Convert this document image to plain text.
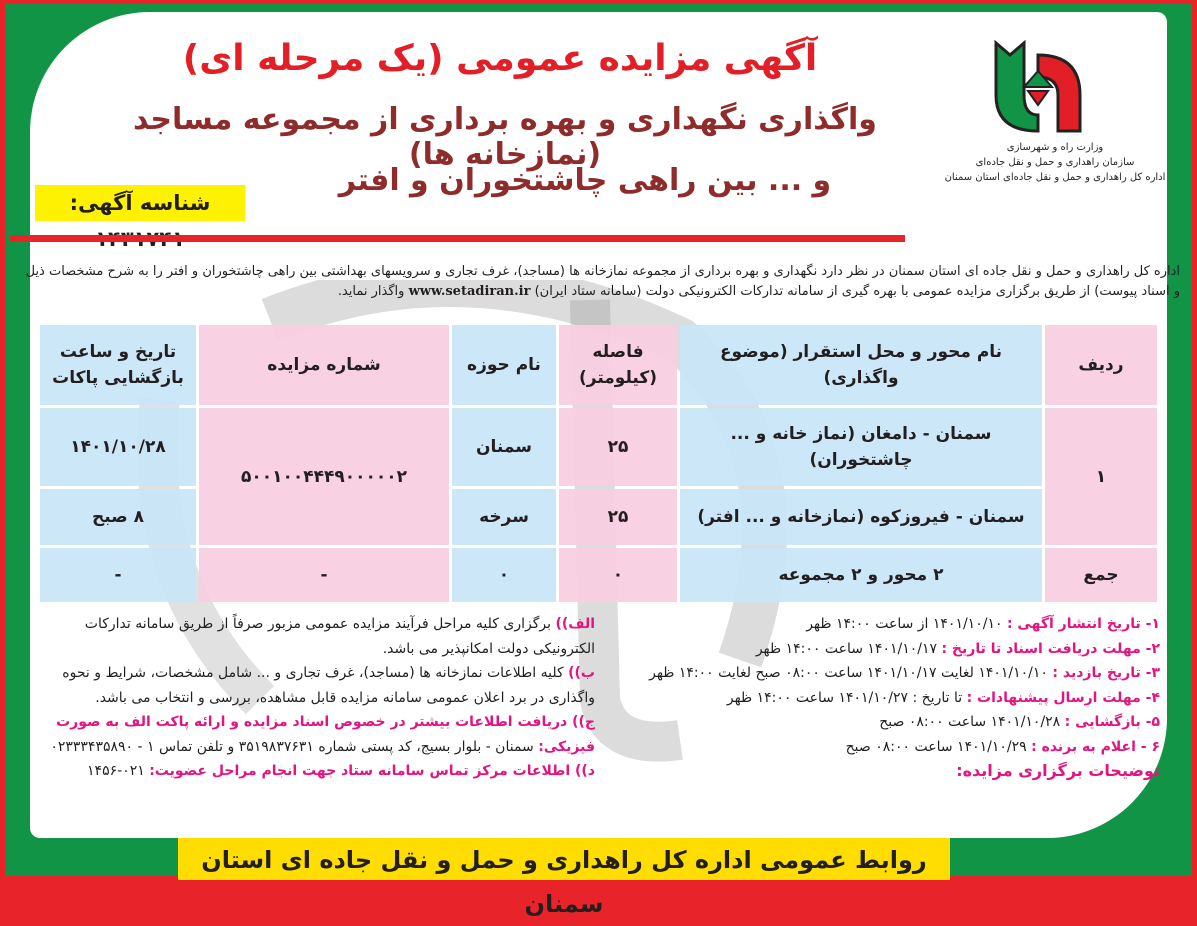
آگهی مزایده عمومی (یک مرحله ای)
واگذاری نگهداری و بهره برداری از مجموعه مساجد (نمازخانه ها)
و ... بین راهی چاشتخوران و افتر
شناسه آگهی:
وزارت راه و شهرسازی
سازمان راهداری و حمل و نقل جاده‌ای
اداره کل راهداری و حمل و نقل جاده‌ای استان سمنان
اداره کل راهداری و حمل و نقل جاده ای استان سمنان در نظر دارد نگهداری و بهره برداری از مجموعه نمازخانه ها (مساجد)، غرف تجاری و سرویسهای بهداشتی بین راهی چاشتخوران و افتر را به شرح مشخصات ذیل و اسناد پیوست) از طریق برگزاری مزایده عمومی با بهره گیری از سامانه تدارکات الکترونیکی دولت (سامانه ستاد ایران) www.setadiran.ir واگذار نماید.
ردیف	نام محور و محل استقرار (موضوع واگذاری)	فاصله (کیلومتر)	نام حوزه	شماره مزایده	تاریخ و ساعت بازگشایی پاکات
۱	سمنان - دامغان (نماز خانه و ... چاشتخوران)	۲۵	سمنان	۵۰۰۱۰۰۴۴۴۹۰۰۰۰۰۲	۱۴۰۱/۱۰/۲۸
	سمنان - فیروزکوه (نمازخانه و ... افتر)	۲۵	سرخه		۸ صبح
جمع	۲ محور و ۲ مجموعه	۰	۰	-	-
۱- تاریخ انتشار آگهی : ۱۴۰۱/۱۰/۱۰ از ساعت ۱۴:۰۰ ظهر
۲- مهلت دریافت اسناد تا تاریخ : ۱۴۰۱/۱۰/۱۷ ساعت ۱۴:۰۰ ظهر
۳- تاریخ بازدید : ۱۴۰۱/۱۰/۱۰ لغایت ۱۴۰۱/۱۰/۱۷ ساعت ۰۸:۰۰ صبح لغایت ۱۴:۰۰ ظهر
۴- مهلت ارسال پیشنهادات : تا تاریخ : ۱۴۰۱/۱۰/۲۷ ساعت ۱۴:۰۰ ظهر
۵- بازگشایی : ۱۴۰۱/۱۰/۲۸ ساعت ۰۸:۰۰ صبح
۶ - اعلام به برنده : ۱۴۰۱/۱۰/۲۹ ساعت ۰۸:۰۰ صبح
توضیحات برگزاری مزایده:
الف)) برگزاری کلیه مراحل فرآیند مزایده عمومی مزبور صرفاً از طریق سامانه تدارکات الکترونیکی دولت امکانپذیر می باشد.
ب)) کلیه اطلاعات نمازخانه ها (مساجد)، غرف تجاری و ... شامل مشخصات، شرایط و نحوه واگذاری در برد اعلان عمومی سامانه مزایده قابل مشاهده، بررسی و انتخاب می باشد.
ج)) دریافت اطلاعات بیشتر در خصوص اسناد مزایده و ارائه پاکت الف به صورت فیزیکی: سمنان - بلوار بسیج، کد پستی شماره ۳۵۱۹۸۳۷۶۳۱ و تلفن تماس ۱ - ۰۲۳۳۳۴۳۵۸۹۰
د)) اطلاعات مرکز تماس سامانه ستاد جهت انجام مراحل عضویت: ۰۲۱-۱۴۵۶
روابط عمومی اداره کل راهداری و حمل و نقل جاده ای استان سمنان
